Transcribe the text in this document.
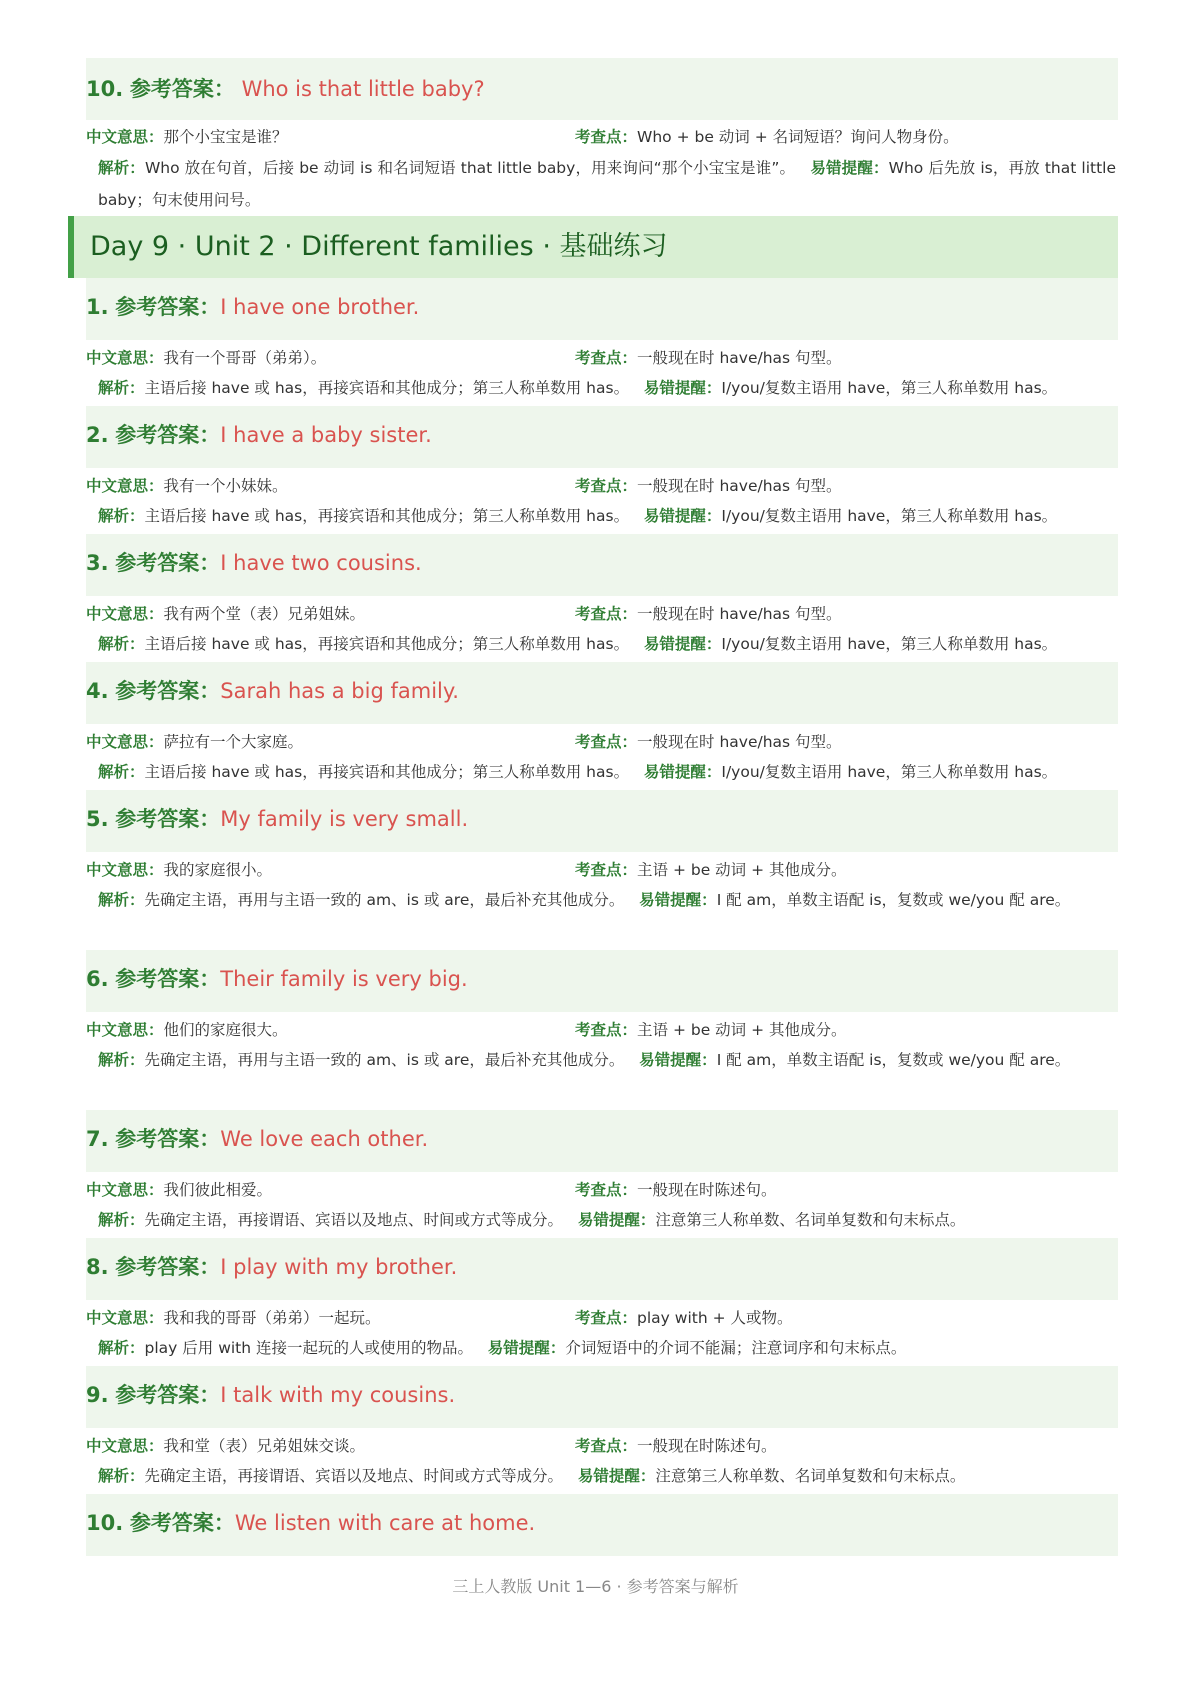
10. 参考答案： Who is that little baby?
中文意思：那个小宝宝是谁？	考查点：Who + be 动词 + 名词短语？询问人物身份。
解析：Who 放在句首，后接 be 动词 is 和名词短语 that little baby，用来询问“那个小宝宝是谁”。 易错提醒：Who 后先放 is，再放 that little baby；句末使用问号。
Day 9 · Unit 2 · Different families · 基础练习
1. 参考答案：I have one brother.
中文意思：我有一个哥哥（弟弟）。	考查点：一般现在时 have/has 句型。
解析：主语后接 have 或 has，再接宾语和其他成分；第三人称单数用 has。 易错提醒：I/you/复数主语用 have，第三人称单数用 has。
2. 参考答案：I have a baby sister.
中文意思：我有一个小妹妹。	考查点：一般现在时 have/has 句型。
解析：主语后接 have 或 has，再接宾语和其他成分；第三人称单数用 has。 易错提醒：I/you/复数主语用 have，第三人称单数用 has。
3. 参考答案：I have two cousins.
中文意思：我有两个堂（表）兄弟姐妹。	考查点：一般现在时 have/has 句型。
解析：主语后接 have 或 has，再接宾语和其他成分；第三人称单数用 has。 易错提醒：I/you/复数主语用 have，第三人称单数用 has。
4. 参考答案：Sarah has a big family.
中文意思：萨拉有一个大家庭。	考查点：一般现在时 have/has 句型。
解析：主语后接 have 或 has，再接宾语和其他成分；第三人称单数用 has。 易错提醒：I/you/复数主语用 have，第三人称单数用 has。
5. 参考答案：My family is very small.
中文意思：我的家庭很小。	考查点：主语 + be 动词 + 其他成分。
解析：先确定主语，再用与主语一致的 am、is 或 are，最后补充其他成分。 易错提醒：I 配 am，单数主语配 is，复数或 we/you 配 are。
6. 参考答案：Their family is very big.
中文意思：他们的家庭很大。	考查点：主语 + be 动词 + 其他成分。
解析：先确定主语，再用与主语一致的 am、is 或 are，最后补充其他成分。 易错提醒：I 配 am，单数主语配 is，复数或 we/you 配 are。
7. 参考答案：We love each other.
中文意思：我们彼此相爱。	考查点：一般现在时陈述句。
解析：先确定主语，再接谓语、宾语以及地点、时间或方式等成分。 易错提醒：注意第三人称单数、名词单复数和句末标点。
8. 参考答案：I play with my brother.
中文意思：我和我的哥哥（弟弟）一起玩。	考查点：play with + 人或物。
解析：play 后用 with 连接一起玩的人或使用的物品。 易错提醒：介词短语中的介词不能漏；注意词序和句末标点。
9. 参考答案：I talk with my cousins.
中文意思：我和堂（表）兄弟姐妹交谈。	考查点：一般现在时陈述句。
解析：先确定主语，再接谓语、宾语以及地点、时间或方式等成分。 易错提醒：注意第三人称单数、名词单复数和句末标点。
10. 参考答案：We listen with care at home.
三上人教版 Unit 1—6 · 参考答案与解析
